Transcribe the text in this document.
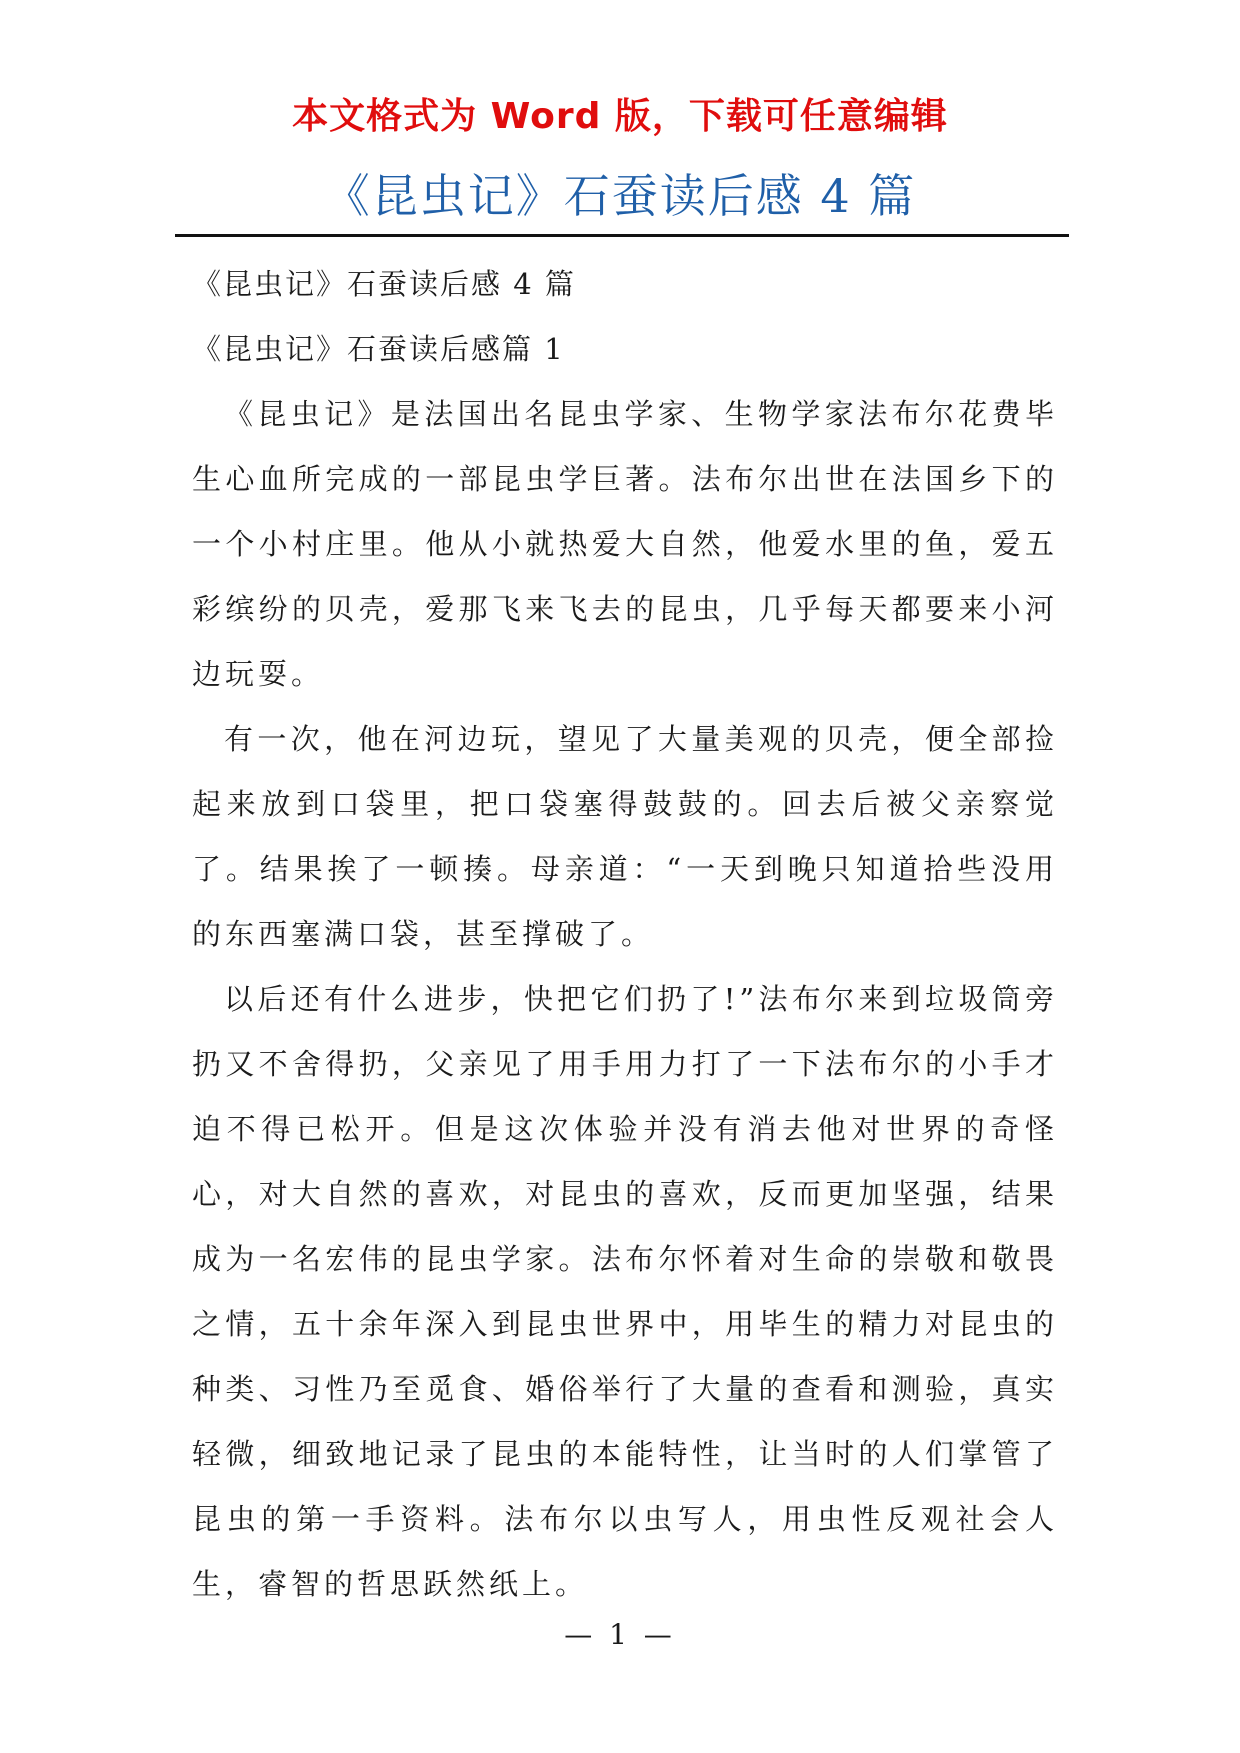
本文格式为 Word 版，下载可任意编辑
《昆虫记》石蚕读后感 4 篇

《昆虫记》石蚕读后感 4 篇

《昆虫记》石蚕读后感篇 1

《昆虫记》是法国出名昆虫学家、生物学家法布尔花费毕生心血所完成的一部昆虫学巨著。法布尔出世在法国乡下的一个小村庄里。他从小就热爱大自然，他爱水里的鱼，爱五彩缤纷的贝壳，爱那飞来飞去的昆虫，几乎每天都要来小河边玩耍。

有一次，他在河边玩，望见了大量美观的贝壳，便全部捡起来放到口袋里，把口袋塞得鼓鼓的。回去后被父亲察觉了。结果挨了一顿揍。母亲道：“一天到晚只知道拾些没用的东西塞满口袋，甚至撑破了。

以后还有什么进步，快把它们扔了!”法布尔来到垃圾筒旁扔又不舍得扔，父亲见了用手用力打了一下法布尔的小手才迫不得已松开。但是这次体验并没有消去他对世界的奇怪心，对大自然的喜欢，对昆虫的喜欢，反而更加坚强，结果成为一名宏伟的昆虫学家。法布尔怀着对生命的崇敬和敬畏之情，五十余年深入到昆虫世界中，用毕生的精力对昆虫的种类、习性乃至觅食、婚俗举行了大量的查看和测验，真实轻微，细致地记录了昆虫的本能特性，让当时的人们掌管了昆虫的第一手资料。法布尔以虫写人，用虫性反观社会人生，睿智的哲思跃然纸上。

— 1 —
